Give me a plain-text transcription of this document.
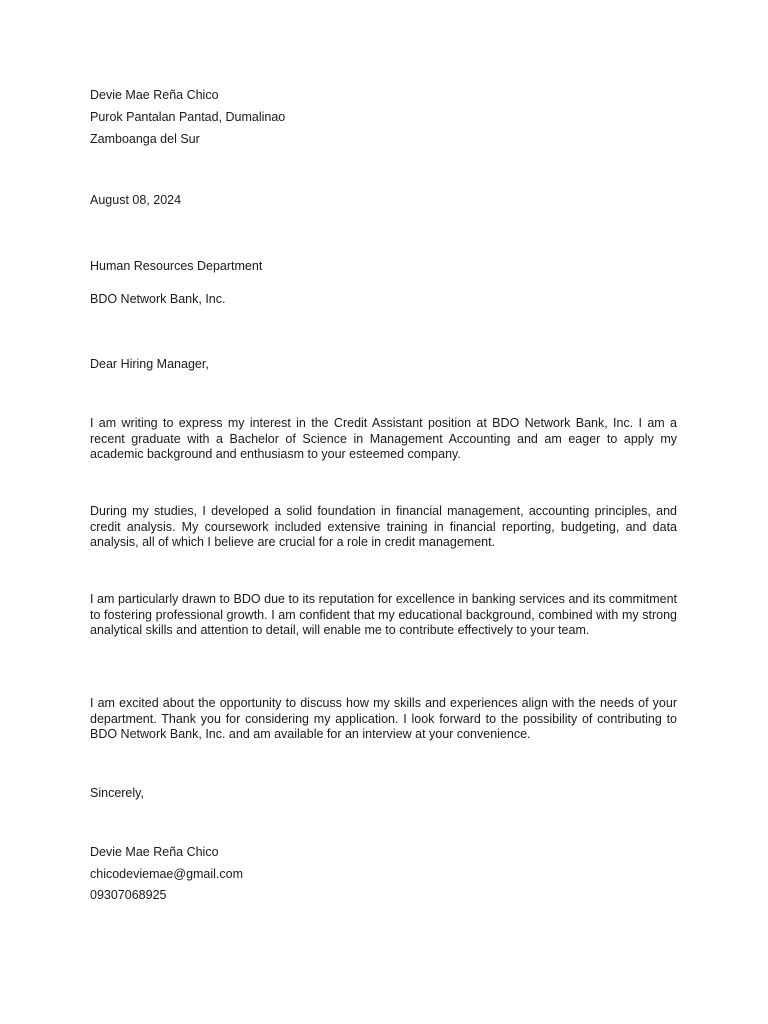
Devie Mae Reña Chico
Purok Pantalan Pantad, Dumalinao
Zamboanga del Sur
August 08, 2024
Human Resources Department
BDO Network Bank, Inc.
Dear Hiring Manager,
I am writing to express my interest in the Credit Assistant position at BDO Network Bank, Inc. I am a recent graduate with a Bachelor of Science in Management Accounting and am eager to apply my academic background and enthusiasm to your esteemed company.
During my studies, I developed a solid foundation in financial management, accounting principles, and credit analysis. My coursework included extensive training in financial reporting, budgeting, and data analysis, all of which I believe are crucial for a role in credit management.
I am particularly drawn to BDO due to its reputation for excellence in banking services and its commitment to fostering professional growth. I am confident that my educational background, combined with my strong analytical skills and attention to detail, will enable me to contribute effectively to your team.
I am excited about the opportunity to discuss how my skills and experiences align with the needs of your department. Thank you for considering my application. I look forward to the possibility of contributing to BDO Network Bank, Inc. and am available for an interview at your convenience.
Sincerely,
Devie Mae Reña Chico
chicodeviemae@gmail.com
09307068925
